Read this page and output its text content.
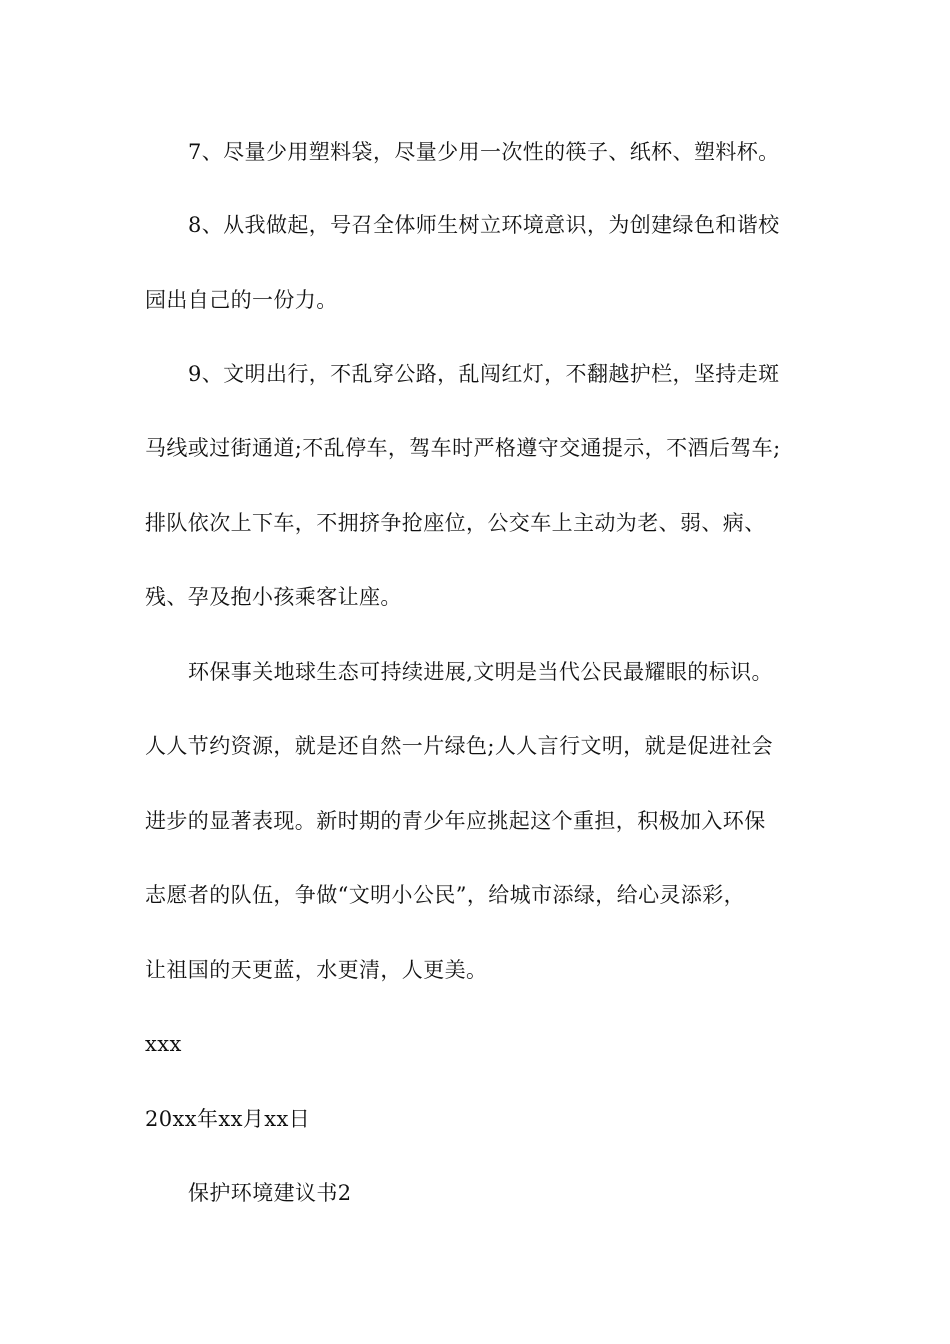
7、尽量少用塑料袋，尽量少用一次性的筷子、纸杯、塑料杯。
8、从我做起，号召全体师生树立环境意识，为创建绿色和谐校
园出自己的一份力。
9、文明出行，不乱穿公路，乱闯红灯，不翻越护栏，坚持走斑
马线或过街通道;不乱停车，驾车时严格遵守交通提示，不酒后驾车;
排队依次上下车，不拥挤争抢座位，公交车上主动为老、弱、病、
残、孕及抱小孩乘客让座。
环保事关地球生态可持续进展,文明是当代公民最耀眼的标识。
人人节约资源，就是还自然一片绿色;人人言行文明，就是促进社会
进步的显著表现。新时期的青少年应挑起这个重担，积极加入环保
志愿者的队伍，争做“文明小公民”，给城市添绿，给心灵添彩，
让祖国的天更蓝，水更清，人更美。
xxx
20xx年xx月xx日
保护环境建议书2
